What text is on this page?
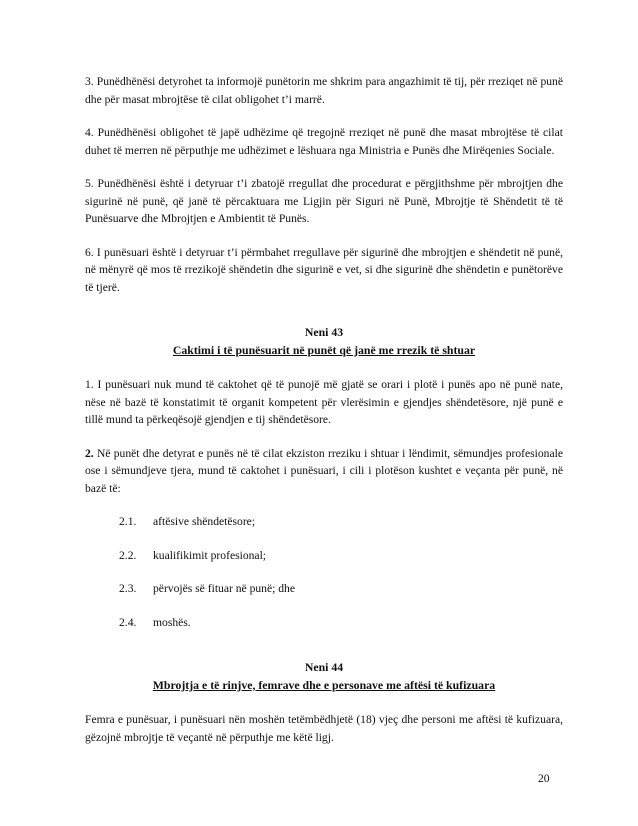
3. Punëdhënësi detyrohet ta informojë punëtorin me shkrim para angazhimit të tij, për rreziqet në punë dhe për masat mbrojtëse të cilat obligohet t’i marrë.

4. Punëdhënësi obligohet të japë udhëzime që tregojnë rreziqet në punë dhe masat mbrojtëse të cilat duhet të merren në përputhje me udhëzimet e lëshuara nga Ministria e Punës dhe Mirëqenies Sociale.

5. Punëdhënësi është i detyruar t’i zbatojë rregullat dhe procedurat e përgjithshme për mbrojtjen dhe sigurinë në punë, që janë të përcaktuara me Ligjin për Siguri në Punë, Mbrojtje të Shëndetit të të Punësuarve dhe Mbrojtjen e Ambientit të Punës.

6. I punësuari është i detyruar t’i përmbahet rregullave për sigurinë dhe mbrojtjen e shëndetit në punë, në mënyrë që mos të rrezikojë shëndetin dhe sigurinë e vet, si dhe sigurinë dhe shëndetin e punëtorëve të tjerë.

Neni 43
Caktimi i të punësuarit në punët që janë me rrezik të shtuar

1. I punësuari nuk mund të caktohet që të punojë më gjatë se orari i plotë i punës apo në punë nate, nëse në bazë të konstatimit të organit kompetent për vlerësimin e gjendjes shëndetësore, një punë e tillë mund ta përkeqësojë gjendjen e tij shëndetësore.

2. Në punët dhe detyrat e punës në të cilat ekziston rreziku i shtuar i lëndimit, sëmundjes profesionale ose i sëmundjeve tjera, mund të caktohet i punësuari, i cili i plotëson kushtet e veçanta për punë, në bazë të:

2.1. aftësive shëndetësore;
2.2. kualifikimit profesional;
2.3. përvojës së fituar në punë; dhe
2.4. moshës.
Neni 44
Mbrojtja e të rinjve, femrave dhe e personave me aftësi të kufizuara

Femra e punësuar, i punësuari nën moshën tetëmbëdhjetë (18) vjeç dhe personi me aftësi të kufizuara, gëzojnë mbrojtje të veçantë në përputhje me këtë ligj.

20
